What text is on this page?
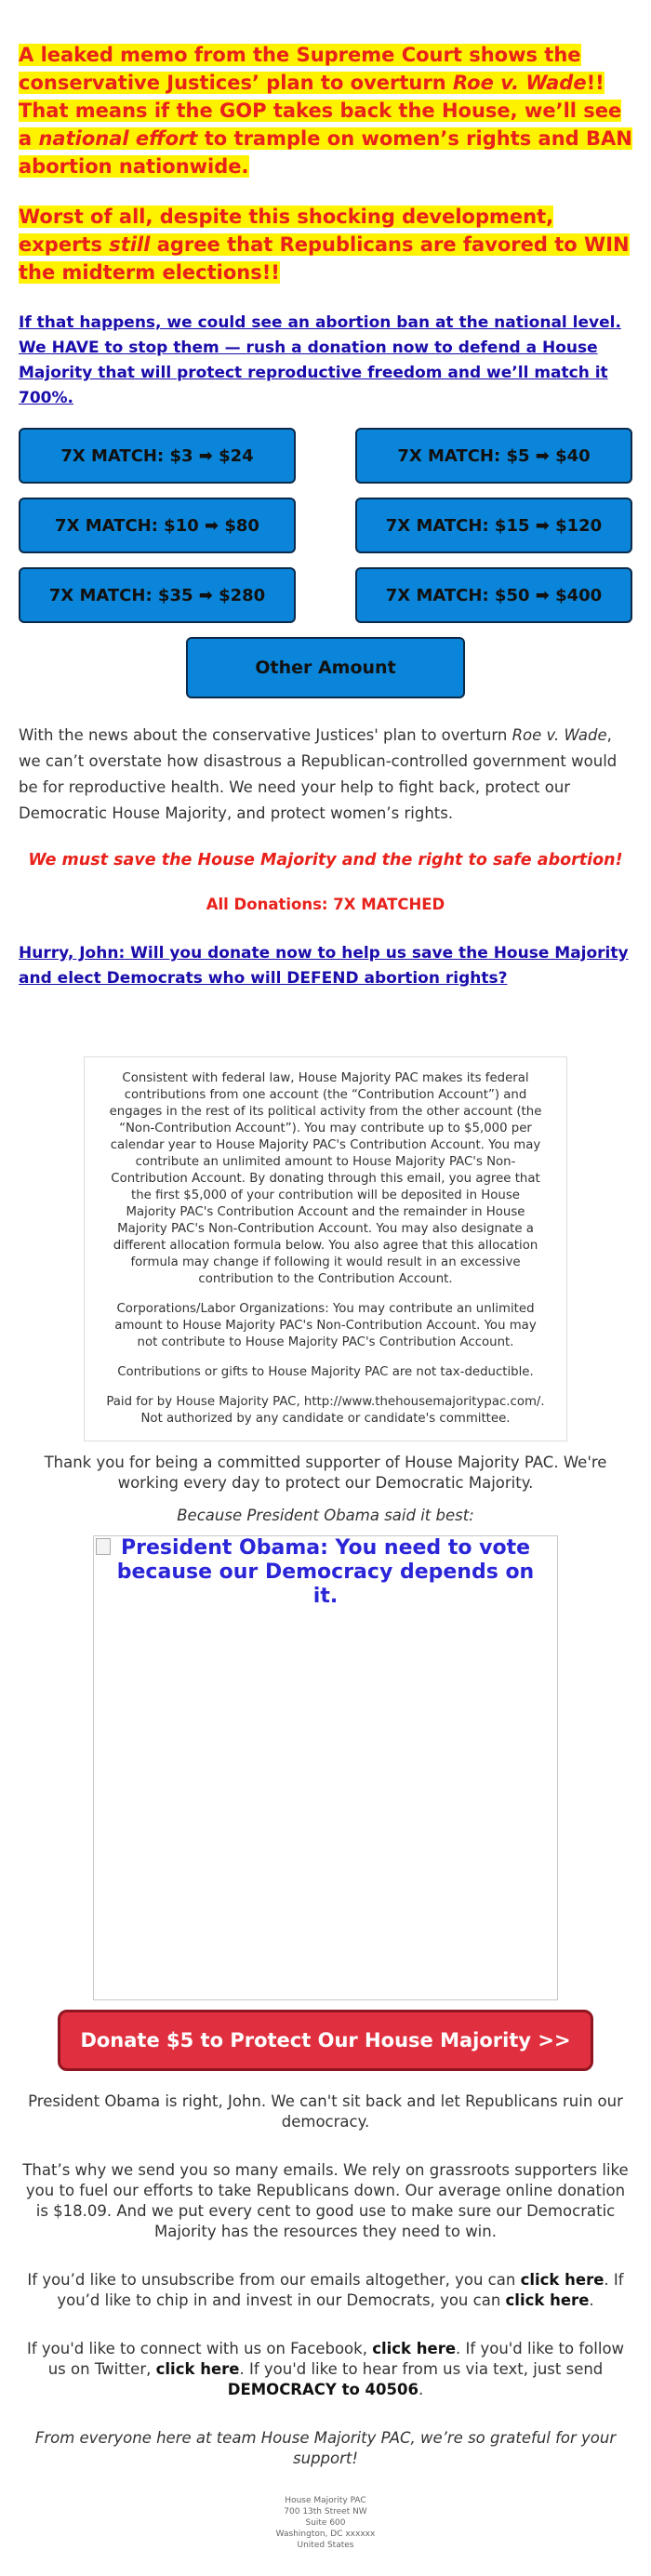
A leaked memo from the Supreme Court shows the conservative Justices’ plan to overturn Roe v. Wade!! That means if the GOP takes back the House, we’ll see a national effort to trample on women’s rights and BAN abortion nationwide.

Worst of all, despite this shocking development, experts still agree that Republicans are favored to WIN the midterm elections!!

If that happens, we could see an abortion ban at the national level. We HAVE to stop them — rush a donation now to defend a House Majority that will protect reproductive freedom and we’ll match it 700%.
7X MATCH: $3 ➡ $24	7X MATCH: $5 ➡ $40
7X MATCH: $10 ➡ $80	7X MATCH: $15 ➡ $120
7X MATCH: $35 ➡ $280	7X MATCH: $50 ➡ $400
Other Amount
With the news about the conservative Justices' plan to overturn Roe v. Wade, we can’t overstate how disastrous a Republican-controlled government would be for reproductive health. We need your help to fight back, protect our Democratic House Majority, and protect women’s rights.
We must save the House Majority and the right to safe abortion!
All Donations: 7X MATCHED
Hurry, John: Will you donate now to help us save the House Majority and elect Democrats who will DEFEND abortion rights?

Consistent with federal law, House Majority PAC makes its federal contributions from one account (the “Contribution Account”) and engages in the rest of its political activity from the other account (the “Non-Contribution Account”). You may contribute up to $5,000 per calendar year to House Majority PAC's Contribution Account. You may contribute an unlimited amount to House Majority PAC's Non-Contribution Account. By donating through this email, you agree that the first $5,000 of your contribution will be deposited in House Majority PAC's Contribution Account and the remainder in House Majority PAC's Non-Contribution Account. You may also designate a different allocation formula below. You also agree that this allocation formula may change if following it would result in an excessive contribution to the Contribution Account.

Corporations/Labor Organizations: You may contribute an unlimited amount to House Majority PAC's Non-Contribution Account. You may not contribute to House Majority PAC's Contribution Account.

Contributions or gifts to House Majority PAC are not tax-deductible.

Paid for by House Majority PAC, http://www.thehousemajoritypac.com/. Not authorized by any candidate or candidate's committee.

Thank you for being a committed supporter of House Majority PAC. We're working every day to protect our Democratic Majority.
Because President Obama said it best:

President Obama: You need to vote because our Democracy depends on it.

Donate $5 to Protect Our House Majority >>
President Obama is right, John. We can't sit back and let Republicans ruin our democracy.
That’s why we send you so many emails. We rely on grassroots supporters like you to fuel our efforts to take Republicans down. Our average online donation is $18.09. And we put every cent to good use to make sure our Democratic Majority has the resources they need to win.
If you’d like to unsubscribe from our emails altogether, you can click here. If you’d like to chip in and invest in our Democrats, you can click here.
If you'd like to connect with us on Facebook, click here. If you'd like to follow us on Twitter, click here. If you'd like to hear from us via text, just send DEMOCRACY to 40506.
From everyone here at team House Majority PAC, we’re so grateful for your support!
House Majority PAC
700 13th Street NW
Suite 600
Washington, DC xxxxxx
United States
